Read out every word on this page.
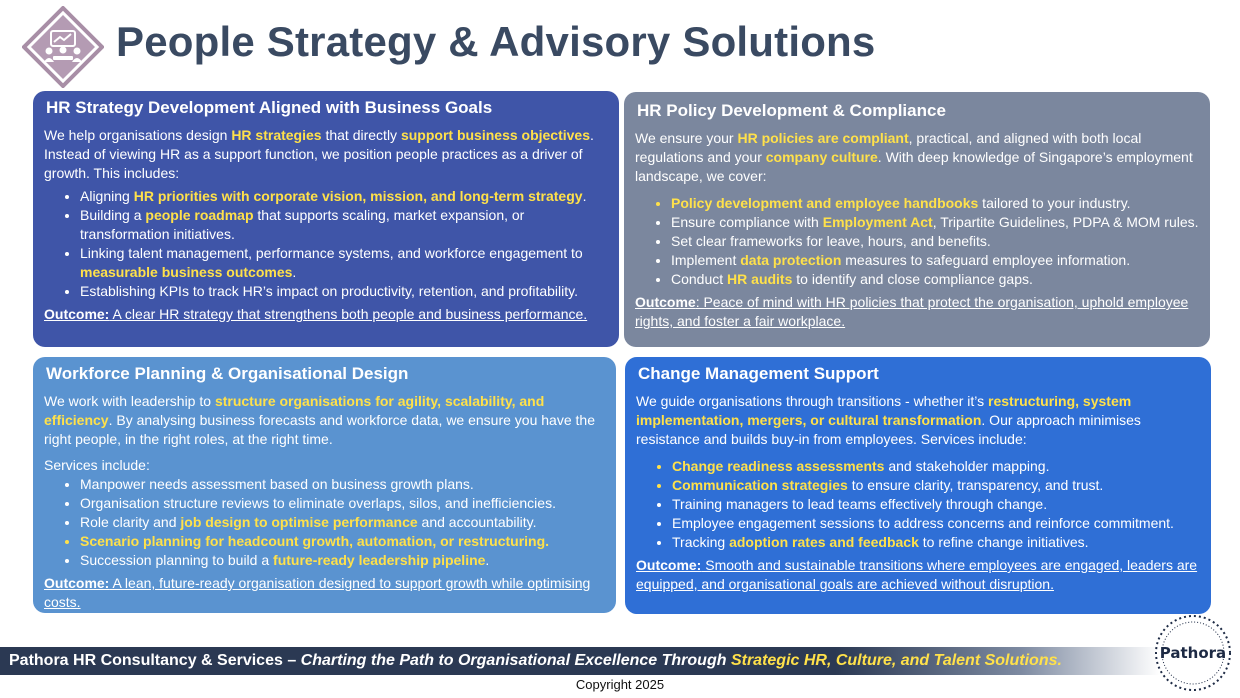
People Strategy & Advisory Solutions
HR Strategy Development Aligned with Business Goals

We help organisations design HR strategies that directly support business objectives. Instead of viewing HR as a support function, we position people practices as a driver of growth. This includes:

• Aligning HR priorities with corporate vision, mission, and long-term strategy.
• Building a people roadmap that supports scaling, market expansion, or transformation initiatives.
• Linking talent management, performance systems, and workforce engagement to measurable business outcomes.
• Establishing KPIs to track HR’s impact on productivity, retention, and profitability.

Outcome: A clear HR strategy that strengthens both people and business performance.

HR Policy Development & Compliance

We ensure your HR policies are compliant, practical, and aligned with both local regulations and your company culture. With deep knowledge of Singapore’s employment landscape, we cover:

• Policy development and employee handbooks tailored to your industry.
• Ensure compliance with Employment Act, Tripartite Guidelines, PDPA & MOM rules.
• Set clear frameworks for leave, hours, and benefits.
• Implement data protection measures to safeguard employee information.
• Conduct HR audits to identify and close compliance gaps.

Outcome: Peace of mind with HR policies that protect the organisation, uphold employee rights, and foster a fair workplace.

Workforce Planning & Organisational Design

We work with leadership to structure organisations for agility, scalability, and efficiency. By analysing business forecasts and workforce data, we ensure you have the right people, in the right roles, at the right time.

Services include:

• Manpower needs assessment based on business growth plans.
• Organisation structure reviews to eliminate overlaps, silos, and inefficiencies.
• Role clarity and job design to optimise performance and accountability.
• Scenario planning for headcount growth, automation, or restructuring.
• Succession planning to build a future-ready leadership pipeline.

Outcome: A lean, future-ready organisation designed to support growth while optimising costs.

Change Management Support

We guide organisations through transitions - whether it’s restructuring, system implementation, mergers, or cultural transformation. Our approach minimises resistance and builds buy-in from employees. Services include:

• Change readiness assessments and stakeholder mapping.
• Communication strategies to ensure clarity, transparency, and trust.
• Training managers to lead teams effectively through change.
• Employee engagement sessions to address concerns and reinforce commitment.
• Tracking adoption rates and feedback to refine change initiatives.

Outcome: Smooth and sustainable transitions where employees are engaged, leaders are equipped, and organisational goals are achieved without disruption.

Pathora HR Consultancy & Services – Charting the Path to Organisational Excellence Through Strategic HR, Culture, and Talent Solutions.
Copyright 2025
Pathora
